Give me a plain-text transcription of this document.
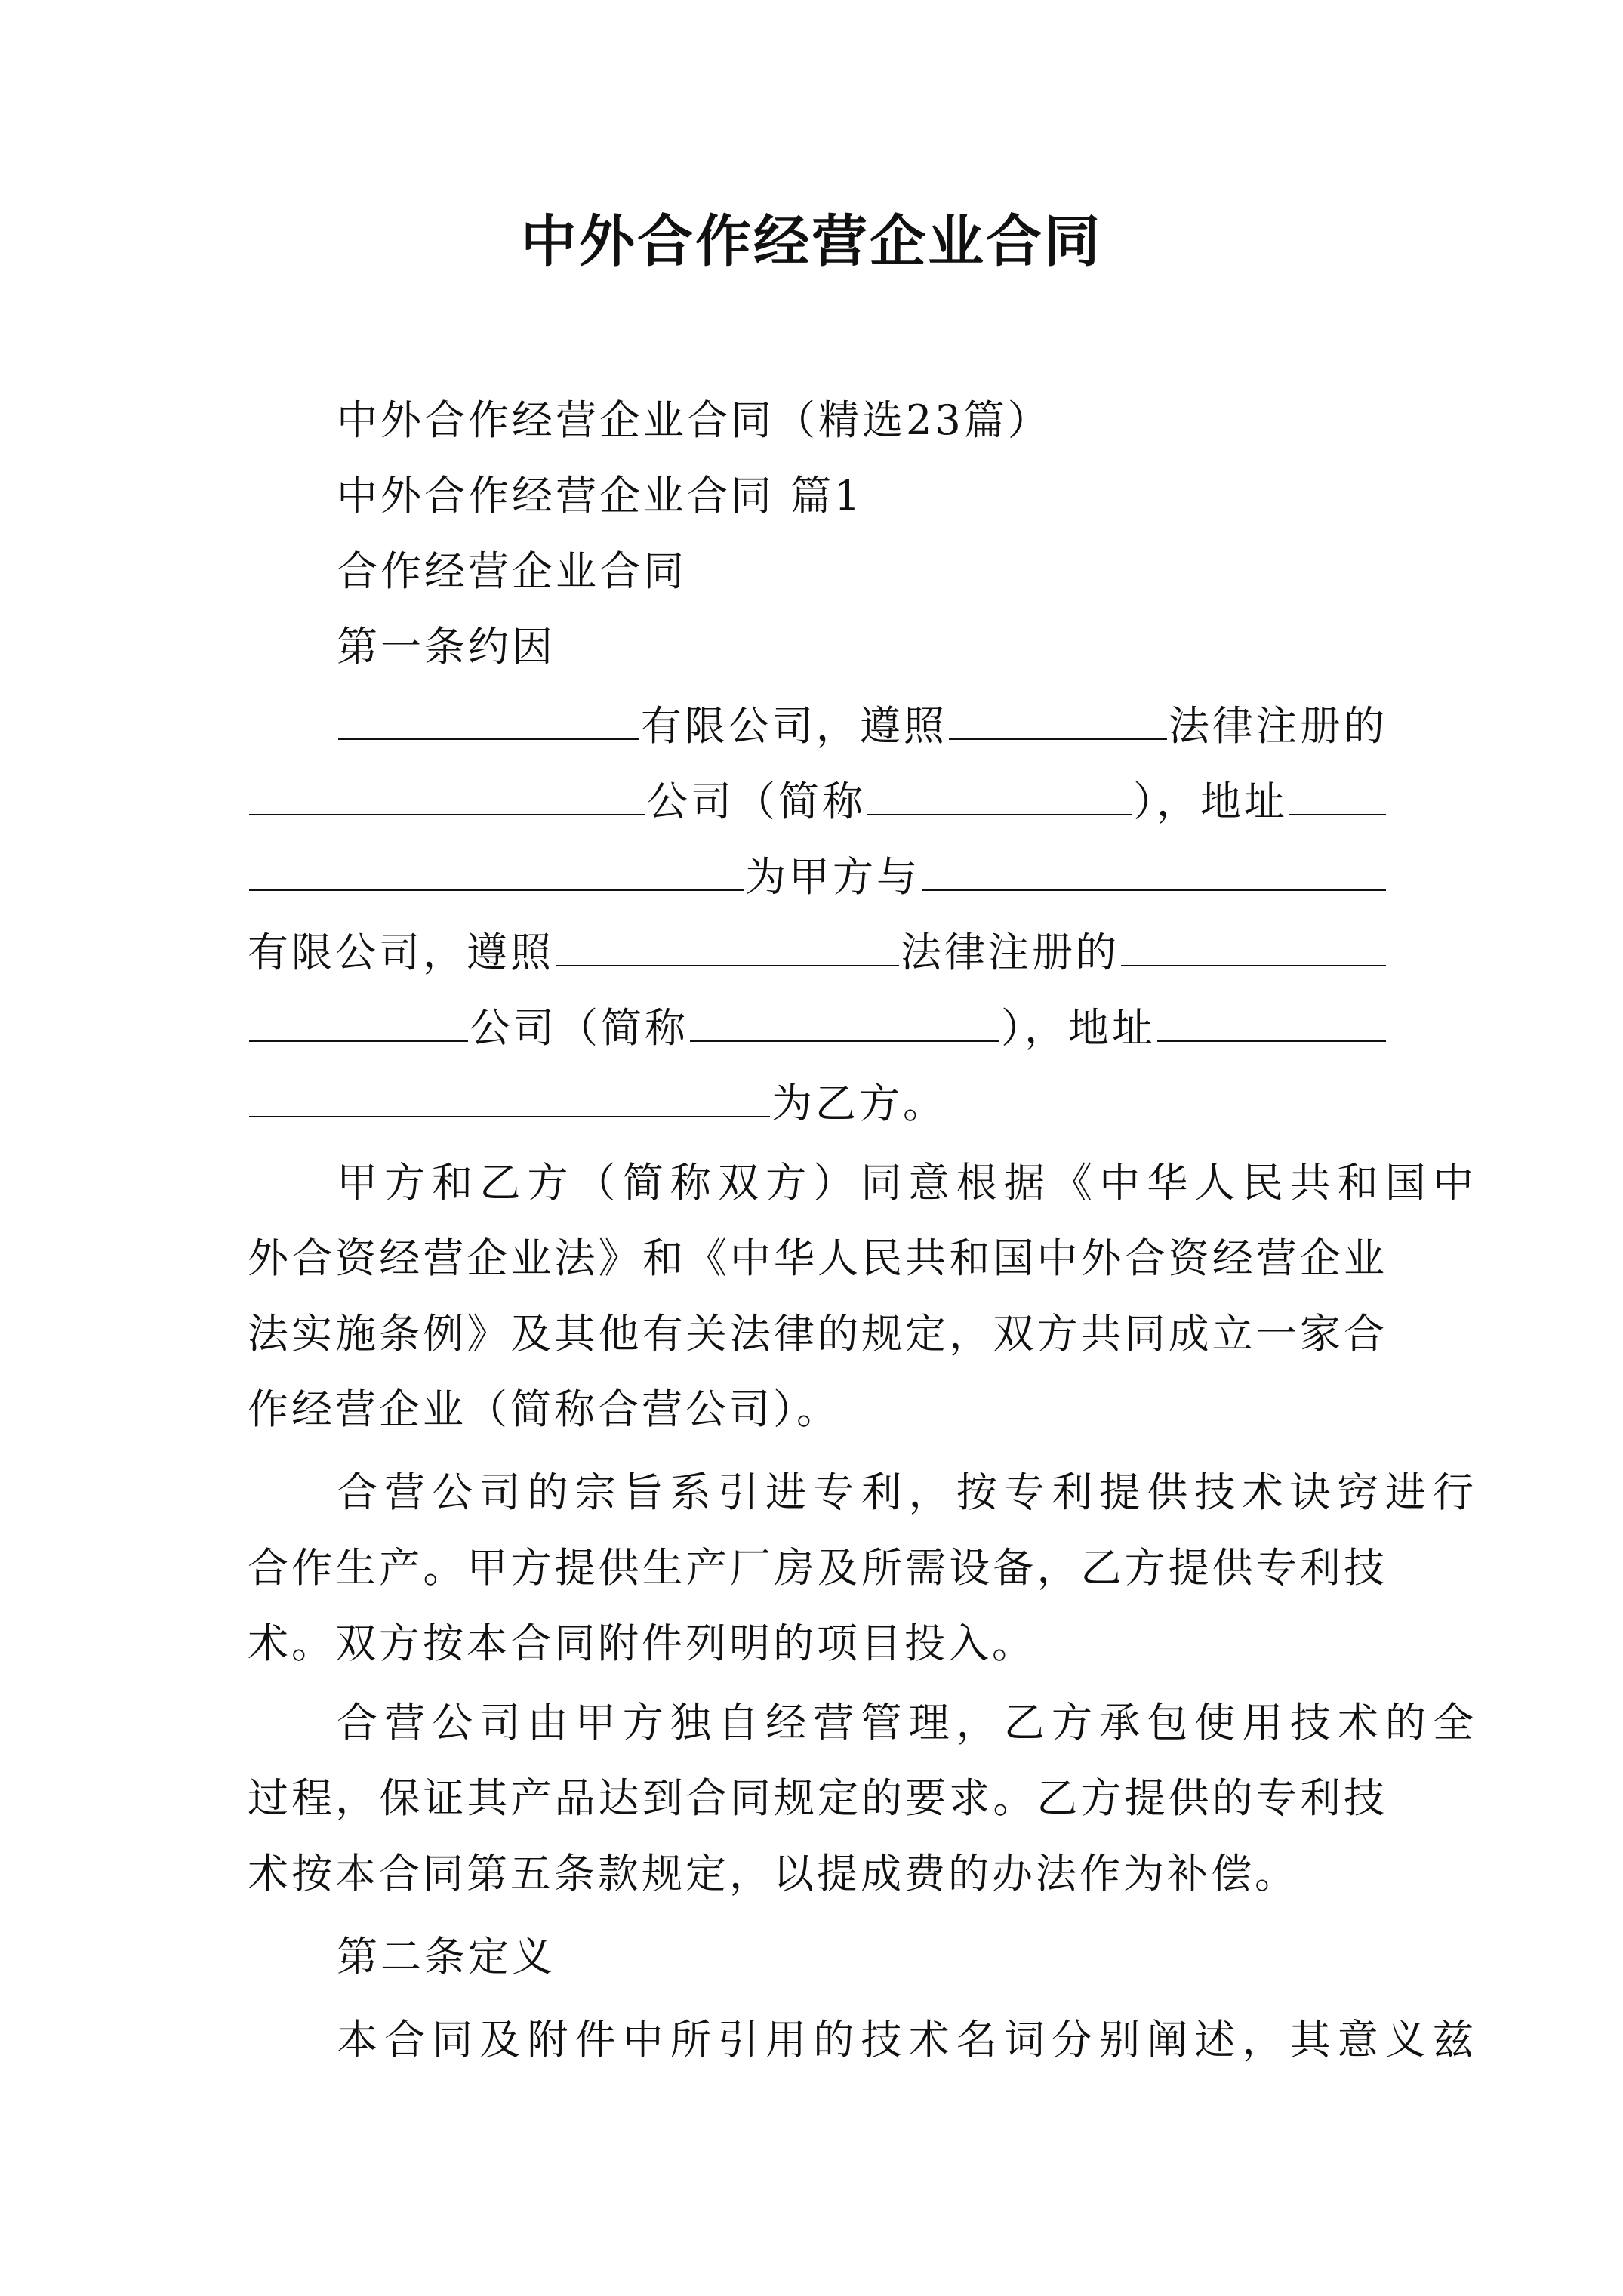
中外合作经营企业合同

中外合作经营企业合同（精选23篇）

中外合作经营企业合同 篇1

合作经营企业合同

第一条约因

有限公司，遵照	法律注册的
公司（简称	），地址
为甲方与
有限公司，遵照	法律注册的
公司（简称	），地址
为乙方。

甲方和乙方（简称双方）同意根据《中华人民共和国中

外合资经营企业法》和《中华人民共和国中外合资经营企业

法实施条例》及其他有关法律的规定，双方共同成立一家合

作经营企业（简称合营公司）。

合营公司的宗旨系引进专利，按专利提供技术诀窍进行

合作生产。甲方提供生产厂房及所需设备，乙方提供专利技

术。双方按本合同附件列明的项目投入。

合营公司由甲方独自经营管理，乙方承包使用技术的全

过程，保证其产品达到合同规定的要求。乙方提供的专利技

术按本合同第五条款规定，以提成费的办法作为补偿。

第二条定义

本合同及附件中所引用的技术名词分别阐述，其意义兹
